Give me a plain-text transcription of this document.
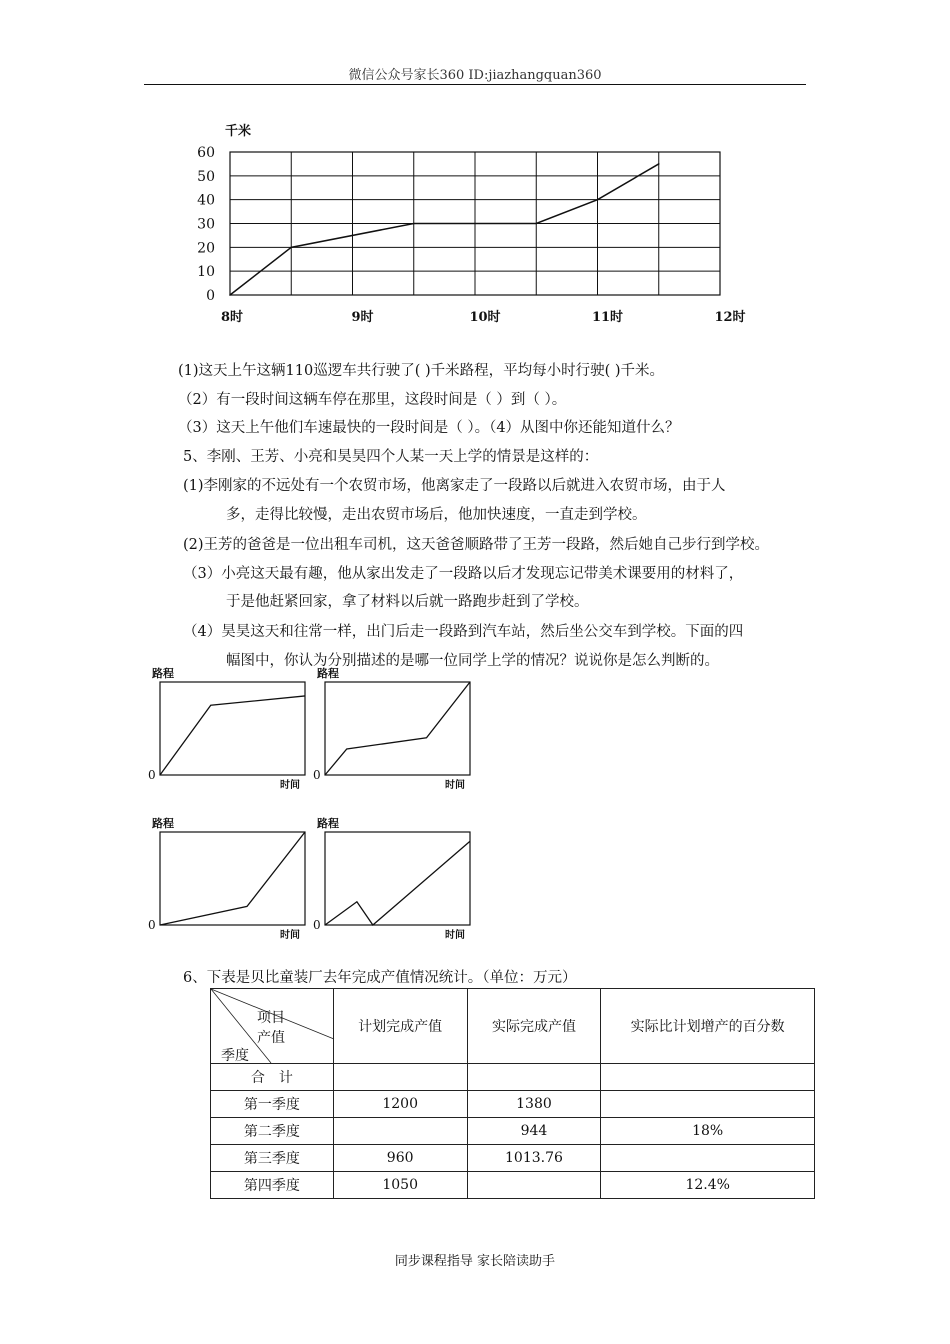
微信公众号家长360 ID:jiazhangquan360
千米
0
10
20
30
40
50
60
8时	9时	10时	11时	12时
(1)这天上午这辆110巡逻车共行驶了( )千米路程，平均每小时行驶( )千米。
（2）有一段时间这辆车停在那里，这段时间是（ ）到（ ）。
（3）这天上午他们车速最快的一段时间是（ ）。（4）从图中你还能知道什么？
5、李刚、王芳、小亮和昊昊四个人某一天上学的情景是这样的：
(1)李刚家的不远处有一个农贸市场，他离家走了一段路以后就进入农贸市场，由于人
多，走得比较慢，走出农贸市场后，他加快速度，一直走到学校。
(2)王芳的爸爸是一位出租车司机，这天爸爸顺路带了王芳一段路，然后她自己步行到学校。
（3）小亮这天最有趣，他从家出发走了一段路以后才发现忘记带美术课要用的材料了，
于是他赶紧回家，拿了材料以后就一路跑步赶到了学校。
（4）昊昊这天和往常一样，出门后走一段路到汽车站，然后坐公交车到学校。下面的四
幅图中，你认为分别描述的是哪一位同学上学的情况？说说你是怎么判断的。
路程
时间
0
路程
时间
0
路程
时间
0
路程
时间
0
6、下表是贝比童装厂去年完成产值情况统计。（单位：万元）
项目
产值
季度	计划完成产值	实际完成产值	实际比计划增产的百分数
合　计			
第一季度	1200	1380	
第二季度		944	18%
第三季度	960	1013.76	
第四季度	1050		12.4%
同步课程指导 家长陪读助手
